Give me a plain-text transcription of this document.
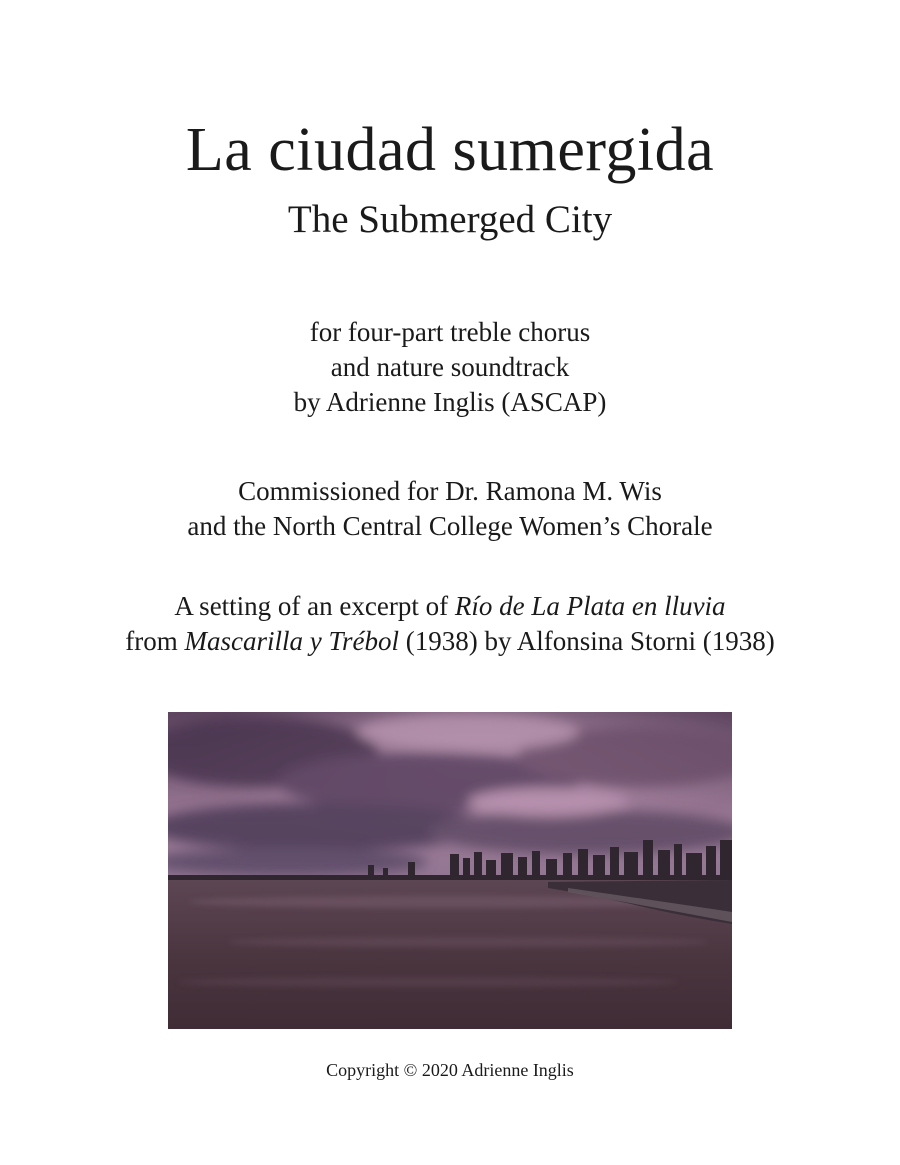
La ciudad sumergida
The Submerged City
for four-part treble chorus
and nature soundtrack
by Adrienne Inglis (ASCAP)
Commissioned for Dr. Ramona M. Wis
and the North Central College Women’s Chorale
A setting of an excerpt of Río de La Plata en lluvia
from Mascarilla y Trébol (1938) by Alfonsina Storni (1938)
Copyright © 2020 Adrienne Inglis
